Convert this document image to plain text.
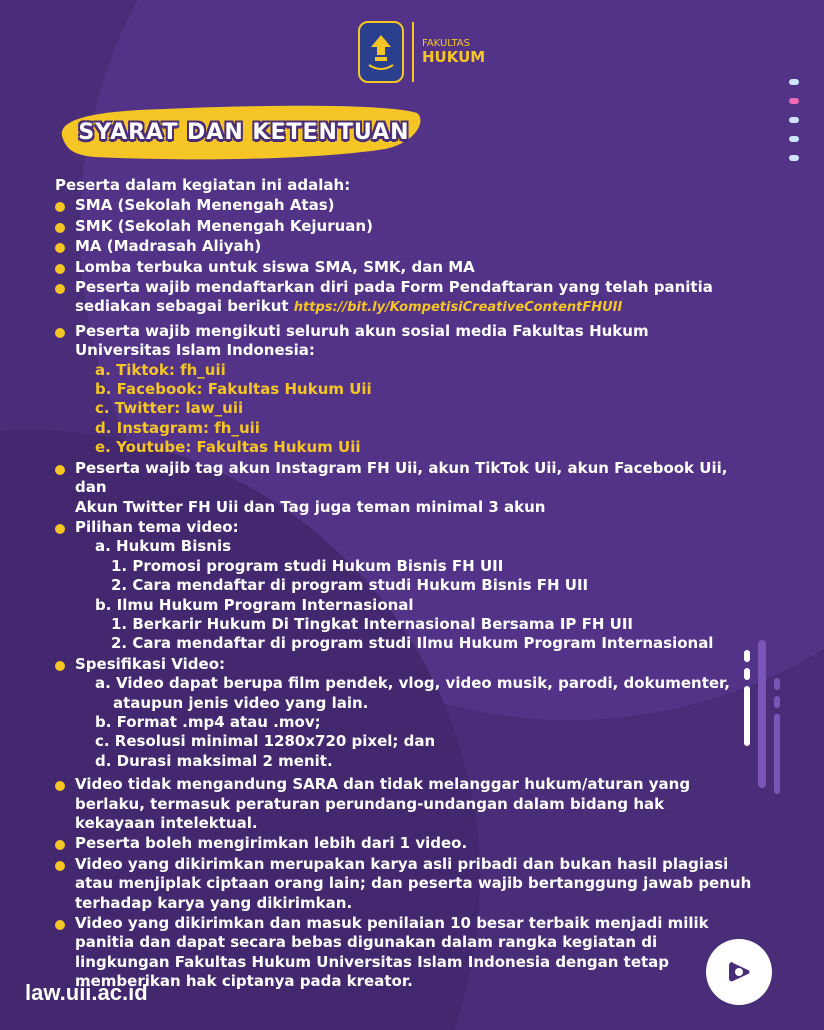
FAKULTAS
HUKUM
SYARAT DAN KETENTUAN
Peserta dalam kegiatan ini adalah:
SMA (Sekolah Menengah Atas)
SMK (Sekolah Menengah Kejuruan)
MA (Madrasah Aliyah)
Lomba terbuka untuk siswa SMA, SMK, dan MA
Peserta wajib mendaftarkan diri pada Form Pendaftaran yang telah panitia
sediakan sebagai berikut https://bit.ly/KompetisiCreativeContentFHUII
Peserta wajib mengikuti seluruh akun sosial media Fakultas Hukum
Universitas Islam Indonesia:
a. Tiktok: fh_uii
b. Facebook: Fakultas Hukum Uii
c. Twitter: law_uii
d. Instagram: fh_uii
e. Youtube: Fakultas Hukum Uii
Peserta wajib tag akun Instagram FH Uii, akun TikTok Uii, akun Facebook Uii, dan
Akun Twitter FH Uii dan Tag juga teman minimal 3 akun
Pilihan tema video:
a. Hukum Bisnis
1. Promosi program studi Hukum Bisnis FH UII
2. Cara mendaftar di program studi Hukum Bisnis FH UII
b. Ilmu Hukum Program Internasional
1. Berkarir Hukum Di Tingkat Internasional Bersama IP FH UII
2. Cara mendaftar di program studi Ilmu Hukum Program Internasional
Spesifikasi Video:
a. Video dapat berupa film pendek, vlog, video musik, parodi, dokumenter,
ataupun jenis video yang lain.
b. Format .mp4 atau .mov;
c. Resolusi minimal 1280x720 pixel; dan
d. Durasi maksimal 2 menit.
Video tidak mengandung SARA dan tidak melanggar hukum/aturan yang
berlaku, termasuk peraturan perundang-undangan dalam bidang hak
kekayaan intelektual.
Peserta boleh mengirimkan lebih dari 1 video.
Video yang dikirimkan merupakan karya asli pribadi dan bukan hasil plagiasi
atau menjiplak ciptaan orang lain; dan peserta wajib bertanggung jawab penuh
terhadap karya yang dikirimkan.
Video yang dikirimkan dan masuk penilaian 10 besar terbaik menjadi milik
panitia dan dapat secara bebas digunakan dalam rangka kegiatan di
lingkungan Fakultas Hukum Universitas Islam Indonesia dengan tetap
memberikan hak ciptanya pada kreator.
law.uii.ac.id
